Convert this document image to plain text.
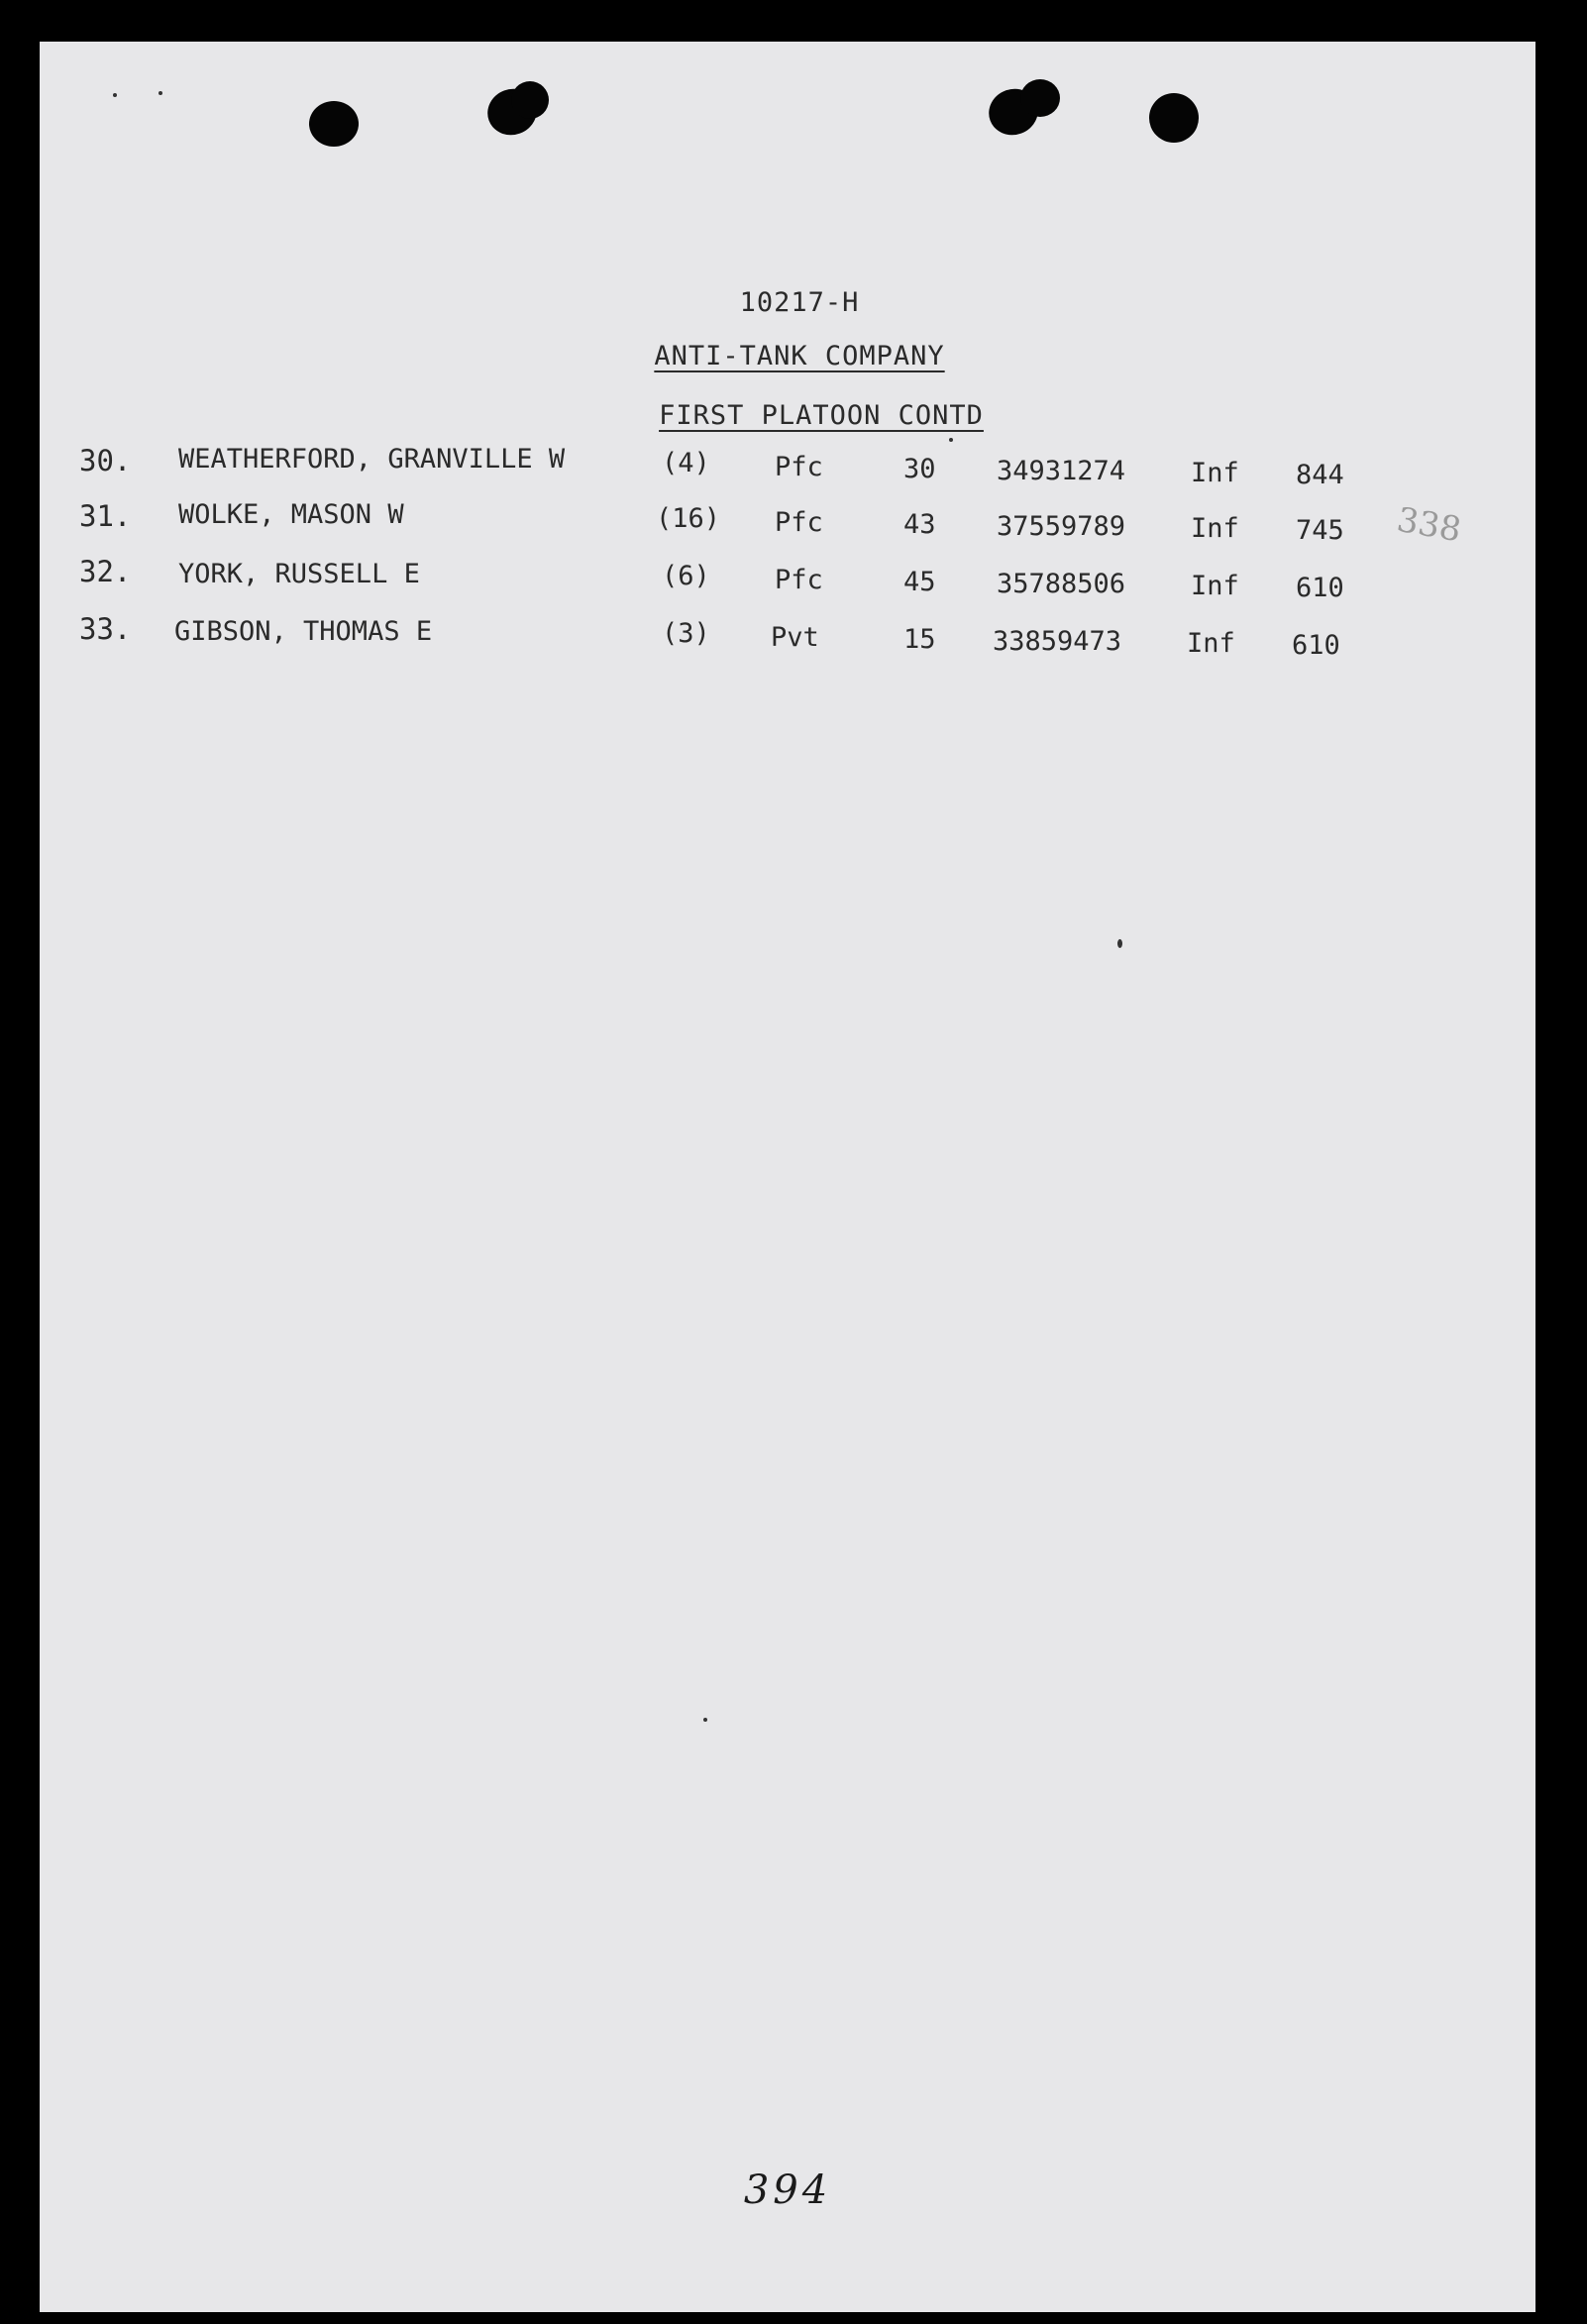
10217-H
ANTI-TANK COMPANY
FIRST PLATOON CONTD
30. WEATHERFORD, GRANVILLE W	(4) Pfc	30 34931274 Inf 844
31. WOLKE, MASON W	(16) Pfc	43 37559789 Inf 745
32. YORK, RUSSELL E	(6) Pfc	45 35788506 Inf 610
33. GIBSON, THOMAS E	(3) Pvt	15 33859473 Inf 610
338
394
